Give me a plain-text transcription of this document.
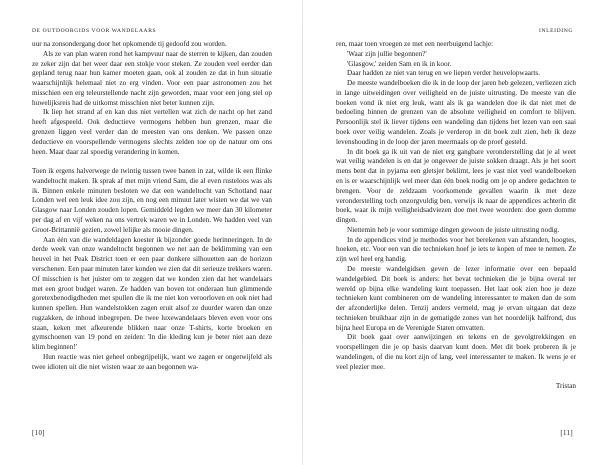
DE OUTDOORGIDS VOOR WANDELAARS

uur na zonsondergang door het opkomende tij gedoofd zou worden.

Als ze van plan waren rond het kampvuur naar de sterren te kijken, dan zouden ze zeker zijn dat het weer daar een stokje voor steken. Ze zouden veel eerder dan gepland terug naar hun kamer moeten gaan, ook al zouden ze dat in hun situatie waarschijnlijk helemaal niet zo erg vinden. Voor een paar astronomen zou het misschien een erg teleurstellende nacht zijn geworden, maar voor een jong stel op huwelijksreis had de uitkomst misschien niet beter kunnen zijn.

Ik liep het strand af en kan dus niet vertellen wat zich de nacht op het zand heeft afgespeeld. Ook deductieve vermogens hebben hun grenzen, maar die grenzen liggen veel verder dan de meesten van ons denken. We passen onze deductieve en voorspellende vermogens slechts zelden toe op de natuur om ons heen. Maar daar zal spoedig verandering in komen.

Toen ik ergens halverwege de twintig tussen twee banen in zat, wilde ik een flinke wandeltocht maken. Ik sprak af met mijn vriend Sam, die al even rusteloos was als ik. Binnen enkele minuten besloten we dat een wandeltocht van Schotland naar Londen wel een leuk idee zou zijn, en nog een minuut later wisten we dat we van Glasgow naar Londen zouden lopen. Gemiddeld legden we meer dan 30 kilometer per dag af en vijf weken na ons vertrek waren we in Londen. We hadden veel van Groot-Brittannië gezien, zowel lelijke als mooie dingen.

Aan één van die wandeldagen koester ik bijzonder goede herinneringen. In de derde week van onze wandeltocht begonnen we net aan de beklimming van een heuvel in het Peak District toen er een paar donkere silhouetten aan de horizon verschenen. Een paar minuten later konden we zien dat dit serieuze trekkers waren. Of misschien is het juister om te zeggen dat we konden zien dat het wandelaars met een groot budget waren. Ze hadden van boven tot onderaan hun glimmende goretexbenodigdheden met spullen die ik me niet kon veroorloven en ook niet had kunnen spellen. Hun wandelstokken zagen eruit alsof ze duurder waren dan onze rugzakken, de inhoud inbegrepen. De twee luxewandelaars bleven even voor ons staan, keken met afkeurende blikken naar onze T-shirts, korte broeken en gymschoenen van 19 pond en zeiden: 'In die kleding kun je beter niet aan deze klim beginnen!'

Hun reactie was niet geheel onbegrijpelijk, want we zagen er ongetwijfeld als twee idioten uit die niet wisten waar ze aan begonnen wa-

[10]
INLEIDING

ren, maar toen vroegen ze met een neerbuigend lachje:

'Waar zijn jullie begonnen?'

'Glasgow,' zeiden Sam en ik in koor.

Daar hadden ze niet van terug en we liepen verder heuvelopwaarts.

De meeste wandelboeken die ik in de loop der jaren heb gelezen, verliezen zich in lange uitweidingen over veiligheid en de juiste uitrusting. De meeste van die boeken vond ik niet erg leuk, want als ik ga wandelen doe ik dat niet met de bedoeling binnen de grenzen van de absolute veiligheid en comfort te blijven. Persoonlijk stel ik liever tijdens een wandeling dan tijdens het lezen van een saai boek over veilig wandelen. Zoals je verderop in dit boek zult zien, heb ik deze levenshouding in de loop der jaren meermaals op de proef gesteld.

In dit boek ga ik uit van de niet erg gangbare veronderstelling dat je al weet wat veilig wandelen is en dat je ongeveer de juiste sokken draagt. Als je het soort mens bent dat in pyjama een gletsjer beklimt, lees je vast niet veel wandelboeken en is er waarschijnlijk wel meer dan één boek nodig om je op andere gedachten te brengen. Voor de zeldzaam voorkomende gevallen waarin ik met deze veronderstelling toch onzorgvuldig ben, verwijs ik naar de appendices achterin dit boek, waar ik mijn veiligheidsadviezen doe met twee woorden: doe geen domme dingen.

Niettemin heb je voor sommige dingen gewoon de juiste uitrusting nodig.

In de appendices vind je methodes voor het berekenen van afstanden, hoogtes, hoeken, etc. Voor een van die technieken hoef je iets te kopen of mee te nemen. Ze zijn wel heel erg handig.

De meeste wandelgidsen geven de lezer informatie over een bepaald wandelgebied. Dit boek is anders: het bevat technieken die je bijna overal ter wereld op bijna elke wandeling kunt toepassen. Het laat ook zien hoe je deze technieken kunt combineren om de wandeling interessanter te maken dan de som der afzonderlijke delen. Tenzij anders vermeld, mag je ervan uitgaan dat deze technieken bruikbaar zijn in de gematigde zones van het noordelijk halfrond, dus bijna heel Europa en de Verenigde Staten omvatten.

Dit boek gaat over aanwijzingen en tekens en de gevolgtrekkingen en voorspellingen die je op basis daarvan kunt doen. Met dit boek proberen ik je wandelingen, of die nu kort zijn of lang, veel interessanter te maken. Ik wens je er veel plezier mee.

Tristan

[11]
